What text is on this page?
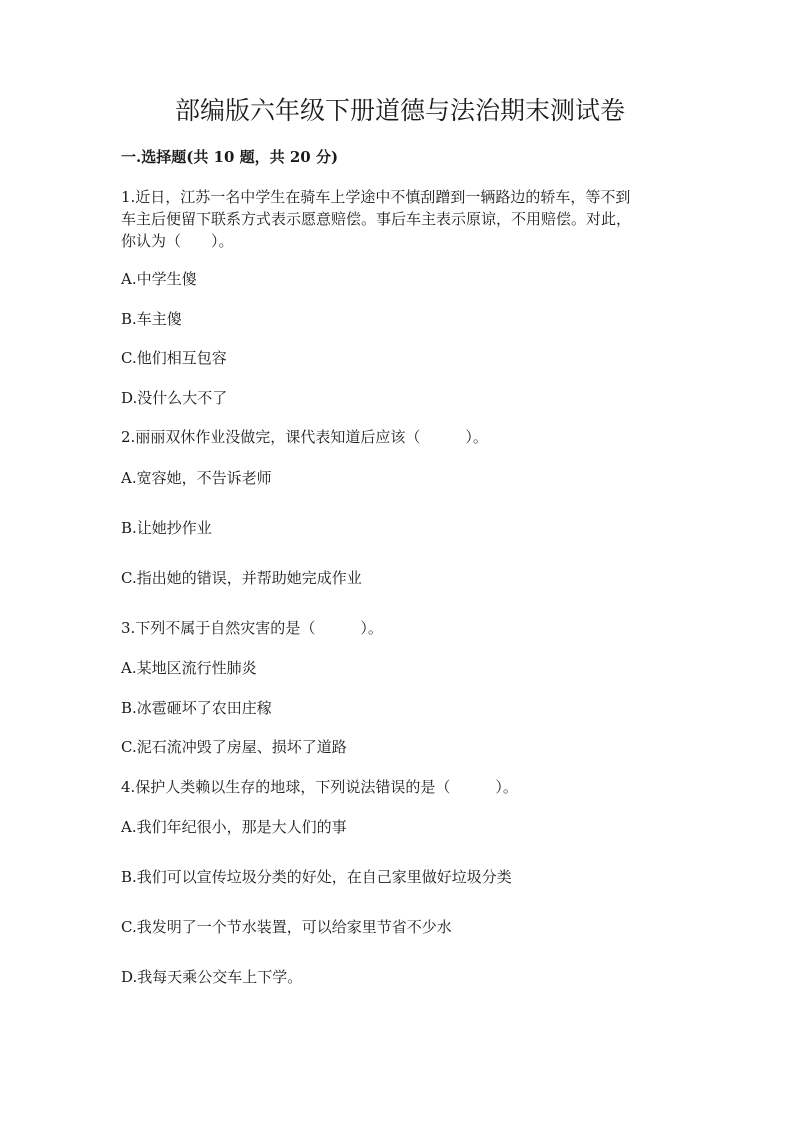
部编版六年级下册道德与法治期末测试卷
一.选择题(共 10 题，共 20 分)

1.近日，江苏一名中学生在骑车上学途中不慎刮蹭到一辆路边的轿车，等不到

车主后便留下联系方式表示愿意赔偿。事后车主表示原谅，不用赔偿。对此，

你认为（　　）。

A.中学生傻

B.车主傻

C.他们相互包容

D.没什么大不了

2.丽丽双休作业没做完，课代表知道后应该（　　　）。

A.宽容她，不告诉老师

B.让她抄作业

C.指出她的错误，并帮助她完成作业

3.下列不属于自然灾害的是（　　　）。

A.某地区流行性肺炎

B.冰雹砸坏了农田庄稼

C.泥石流冲毁了房屋、损坏了道路

4.保护人类赖以生存的地球，下列说法错误的是（　　　）。

A.我们年纪很小，那是大人们的事

B.我们可以宣传垃圾分类的好处，在自己家里做好垃圾分类

C.我发明了一个节水装置，可以给家里节省不少水

D.我每天乘公交车上下学。
